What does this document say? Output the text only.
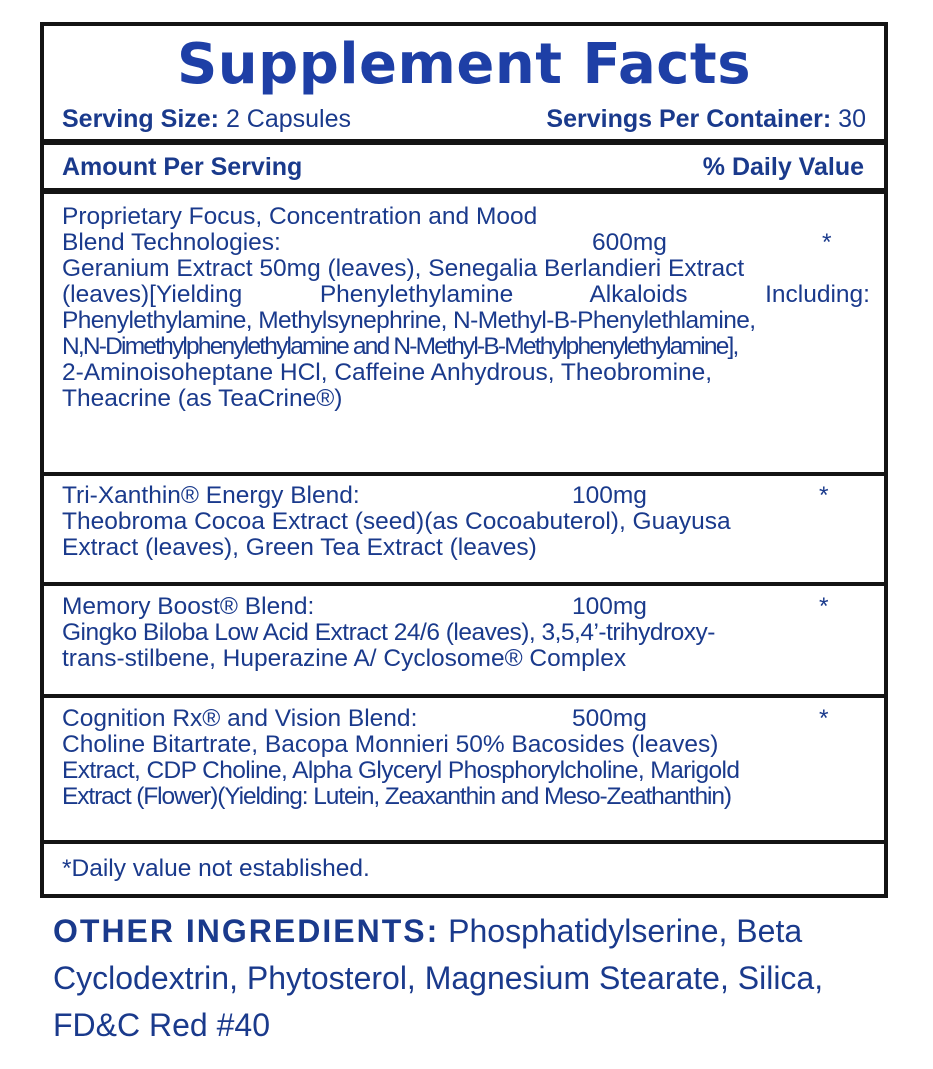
Supplement Facts
Serving Size: 2 Capsules	Servings Per Container: 30
Amount Per Serving	% Daily Value
Proprietary Focus, Concentration and Mood
Blend Technologies:	600mg	*
Geranium Extract 50mg (leaves), Senegalia Berlandieri Extract
(leaves)[Yielding Phenylethylamine Alkaloids Including:
Phenylethylamine, Methylsynephrine, N-Methyl-B-Phenylethlamine,
N,N-Dimethylphenylethylamine and N-Methyl-B-Methylphenylethylamine],
2-Aminoisoheptane HCl, Caffeine Anhydrous, Theobromine,
Theacrine (as TeaCrine®)
Tri-Xanthin® Energy Blend:	100mg	*
Theobroma Cocoa Extract (seed)(as Cocoabuterol), Guayusa
Extract (leaves), Green Tea Extract (leaves)
Memory Boost® Blend:	100mg	*
Gingko Biloba Low Acid Extract 24/6 (leaves), 3,5,4’-trihydroxy-
trans-stilbene, Huperazine A/ Cyclosome® Complex
Cognition Rx® and Vision Blend:	500mg	*
Choline Bitartrate, Bacopa Monnieri 50% Bacosides (leaves)
Extract, CDP Choline, Alpha Glyceryl Phosphorylcholine, Marigold
Extract (Flower)(Yielding: Lutein, Zeaxanthin and Meso-Zeathanthin)
*Daily value not established.
OTHER INGREDIENTS: Phosphatidylserine, Beta Cyclodextrin, Phytosterol, Magnesium Stearate, Silica, FD&C Red #40
